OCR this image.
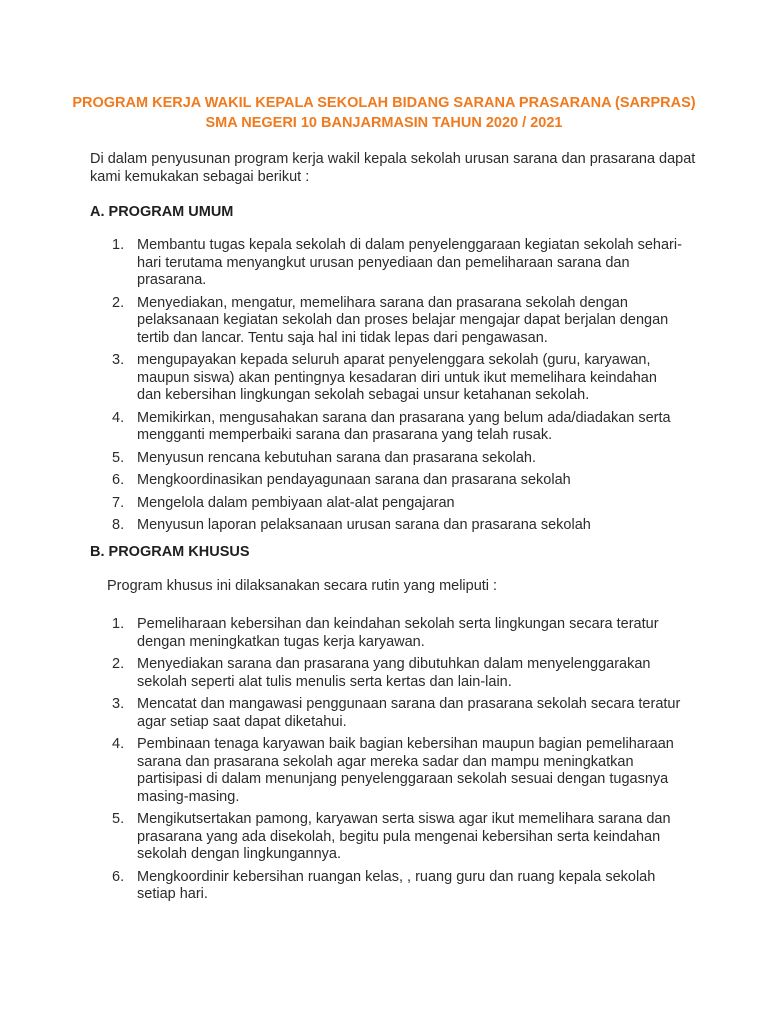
PROGRAM KERJA WAKIL KEPALA SEKOLAH BIDANG SARANA PRASARANA (SARPRAS) SMA NEGERI 10 BANJARMASIN TAHUN 2020 / 2021
Di dalam penyusunan program kerja wakil kepala sekolah urusan sarana dan prasarana dapat kami kemukakan sebagai berikut :
A. PROGRAM UMUM
1. Membantu tugas kepala sekolah di dalam penyelenggaraan kegiatan sekolah sehari-hari terutama menyangkut urusan penyediaan dan pemeliharaan sarana dan prasarana.
2. Menyediakan, mengatur, memelihara sarana dan prasarana sekolah dengan pelaksanaan kegiatan sekolah dan proses belajar mengajar dapat berjalan dengan tertib dan lancar. Tentu saja hal ini tidak lepas dari pengawasan.
3. mengupayakan kepada seluruh aparat penyelenggara sekolah (guru, karyawan, maupun siswa) akan pentingnya kesadaran diri untuk ikut memelihara keindahan dan kebersihan lingkungan sekolah sebagai unsur ketahanan sekolah.
4. Memikirkan, mengusahakan sarana dan prasarana yang belum ada/diadakan serta mengganti memperbaiki sarana dan prasarana yang telah rusak.
5. Menyusun rencana kebutuhan sarana dan prasarana sekolah.
6. Mengkoordinasikan pendayagunaan sarana dan prasarana sekolah
7. Mengelola dalam pembiyaan alat-alat pengajaran
8. Menyusun laporan pelaksanaan urusan sarana dan prasarana sekolah
B. PROGRAM KHUSUS
Program khusus ini dilaksanakan secara rutin yang meliputi :
1. Pemeliharaan kebersihan dan keindahan sekolah serta lingkungan secara teratur dengan meningkatkan tugas kerja karyawan.
2. Menyediakan sarana dan prasarana yang dibutuhkan dalam menyelenggarakan sekolah seperti alat tulis menulis serta kertas dan lain-lain.
3. Mencatat dan mangawasi penggunaan sarana dan prasarana sekolah secara teratur agar setiap saat dapat diketahui.
4. Pembinaan tenaga karyawan baik bagian kebersihan maupun bagian pemeliharaan sarana dan prasarana sekolah agar mereka sadar dan mampu meningkatkan partisipasi di dalam menunjang penyelenggaraan sekolah sesuai dengan tugasnya masing-masing.
5. Mengikutsertakan pamong, karyawan serta siswa agar ikut memelihara sarana dan prasarana yang ada disekolah, begitu pula mengenai kebersihan serta keindahan sekolah dengan lingkungannya.
6. Mengkoordinir kebersihan ruangan kelas, , ruang guru dan ruang kepala sekolah setiap hari.
